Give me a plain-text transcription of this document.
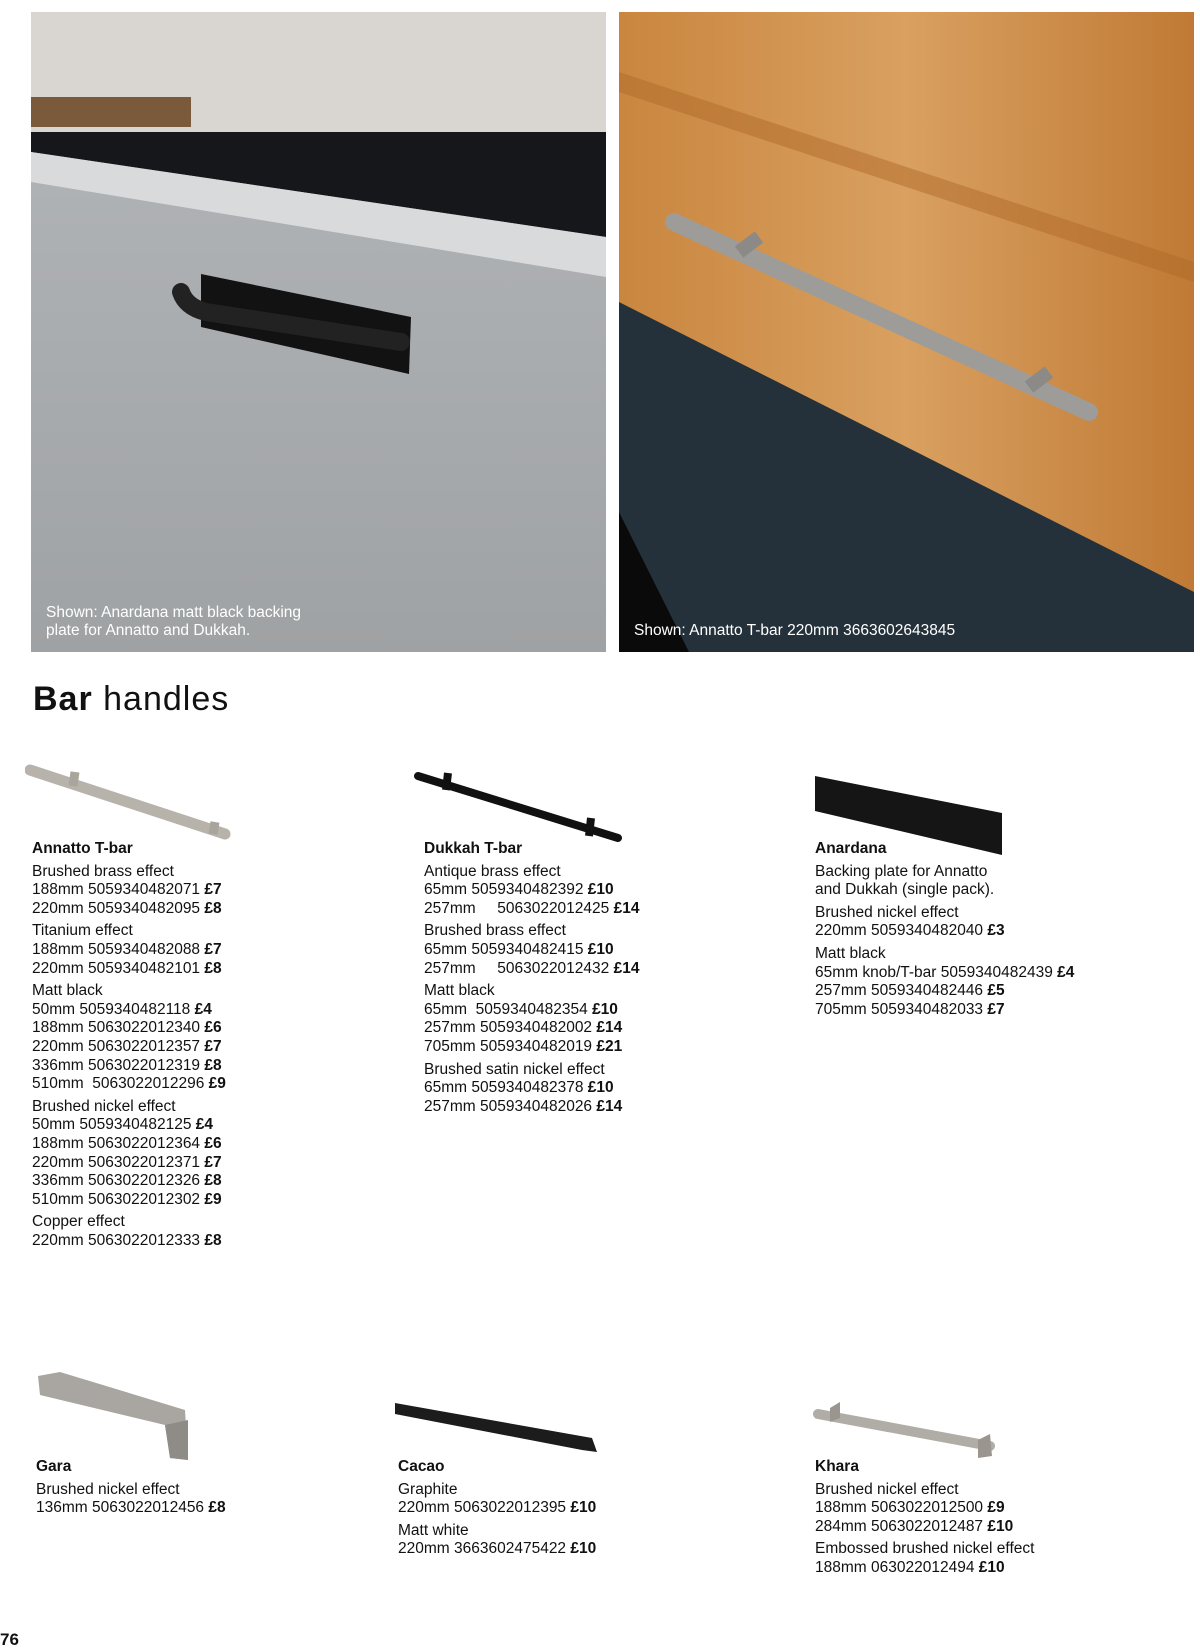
Shown: Anardana matt black backing
plate for Annatto and Dukkah.	Shown: Annatto T-bar 220mm 3663602643845
Bar handles
Annatto T-bar
Brushed brass effect
188mm 5059340482071 £7
220mm 5059340482095 £8
Titanium effect
188mm 5059340482088 £7
220mm 5059340482101 £8
Matt black
50mm 5059340482118 £4
188mm 5063022012340 £6
220mm 5063022012357 £7
336mm 5063022012319 £8
510mm  5063022012296 £9
Brushed nickel effect
50mm 5059340482125 £4
188mm 5063022012364 £6
220mm 5063022012371 £7
336mm 5063022012326 £8
510mm 5063022012302 £9
Copper effect
220mm 5063022012333 £8
Dukkah T-bar
Antique brass effect
65mm 5059340482392 £10
257mm     5063022012425 £14
Brushed brass effect
65mm 5059340482415 £10
257mm     5063022012432 £14
Matt black
65mm  5059340482354 £10
257mm 5059340482002 £14
705mm 5059340482019 £21
Brushed satin nickel effect
65mm 5059340482378 £10
257mm 5059340482026 £14
Anardana
Backing plate for Annatto and Dukkah (single pack).
Brushed nickel effect
220mm 5059340482040 £3
Matt black
65mm knob/T-bar 5059340482439 £4
257mm 5059340482446 £5
705mm 5059340482033 £7
Gara
Brushed nickel effect
136mm 5063022012456 £8
Cacao
Graphite
220mm 5063022012395 £10
Matt white
220mm 3663602475422 £10
Khara
Brushed nickel effect
188mm 5063022012500 £9
284mm 5063022012487 £10
Embossed brushed nickel effect
188mm 063022012494 £10
76
